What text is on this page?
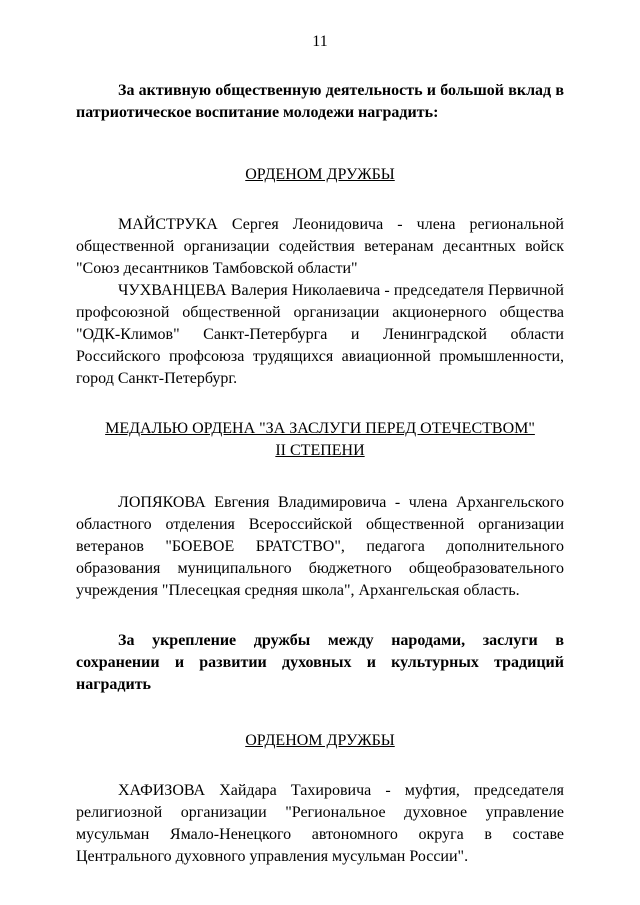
11

За активную общественную деятельность и большой вклад в патриотическое воспитание молодежи наградить:

ОРДЕНОМ ДРУЖБЫ

МАЙСТРУКА Сергея Леонидовича - члена региональной общественной организации содействия ветеранам десантных войск "Союз десантников Тамбовской области"

ЧУХВАНЦЕВА Валерия Николаевича - председателя Первичной профсоюзной общественной организации акционерного общества "ОДК-Климов" Санкт-Петербурга и Ленинградской области Российского профсоюза трудящихся авиационной промышленности, город Санкт-Петербург.

МЕДАЛЬЮ ОРДЕНА "ЗА ЗАСЛУГИ ПЕРЕД ОТЕЧЕСТВОМ"
II СТЕПЕНИ

ЛОПЯКОВА Евгения Владимировича - члена Архангельского областного отделения Всероссийской общественной организации ветеранов "БОЕВОЕ БРАТСТВО", педагога дополнительного образования муниципального бюджетного общеобразовательного учреждения "Плесецкая средняя школа", Архангельская область.

За укрепление дружбы между народами, заслуги в сохранении и развитии духовных и культурных традиций наградить

ОРДЕНОМ ДРУЖБЫ

ХАФИЗОВА Хайдара Тахировича - муфтия, председателя религиозной организации "Региональное духовное управление мусульман Ямало-Ненецкого автономного округа в составе Центрального духовного управления мусульман России".
